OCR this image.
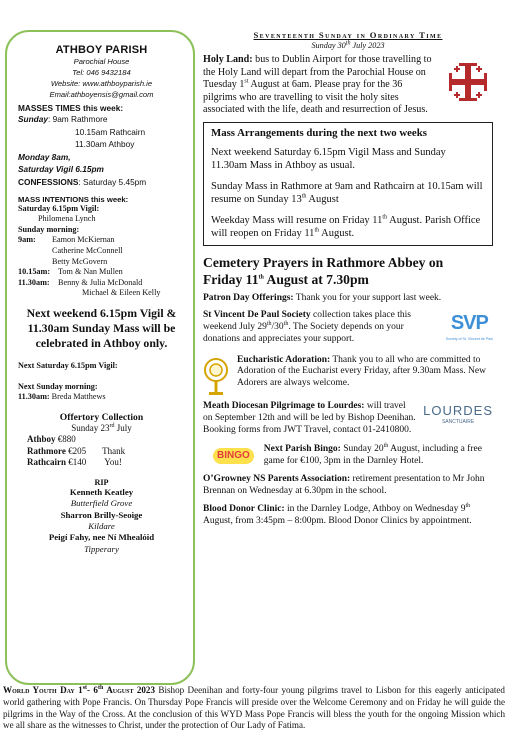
ATHBOY PARISH
Parochial House
Tel: 046 9432184
Website: www.athboyparish.ie
Email:athboyensis@gmail.com
MASSES TIMES this week:
Sunday: 9am Rathmore
10.15am Rathcairn
11.30am Athboy
Monday 8am,
Saturday Vigil 6.15pm
CONFESSIONS: Saturday 5.45pm
MASS INTENTIONS this week:
Saturday 6.15pm Vigil:
Philomena Lynch
Sunday morning:
9am: Eamon McKiernan
Catherine McConnell
Betty McGovern
10.15am: Tom & Nan Mullen
11.30am: Benny & Julia McDonald
Michael & Eileen Kelly
Next weekend 6.15pm Vigil & 11.30am Sunday Mass will be celebrated in Athboy only.
Next Saturday 6.15pm Vigil:
Next Sunday morning:
11.30am: Breda Matthews
Offertory Collection
Sunday 23rd July
Athboy €880
Rathmore €205 Thank
Rathcairn €140 You!
RIP
Kenneth Keatley
Butterfield Grove
Sharron Brilly-Seoige
Kildare
Peigí Fahy, nee Ní Mhealóid
Tipperary
Seventeenth Sunday in Ordinary Time
Sunday 30th July 2023
Holy Land: bus to Dublin Airport for those travelling to the Holy Land will depart from the Parochial House on Tuesday 1st August at 6am. Please pray for the 36 pilgrims who are travelling to visit the holy sites associated with the life, death and resurrection of Jesus.
Mass Arrangements during the next two weeks
Next weekend Saturday 6.15pm Vigil Mass and Sunday 11.30am Mass in Athboy as usual.
Sunday Mass in Rathmore at 9am and Rathcairn at 10.15am will resume on Sunday 13th August
Weekday Mass will resume on Friday 11th August. Parish Office will reopen on Friday 11th August.
Cemetery Prayers in Rathmore Abbey on
Friday 11th August at 7.30pm
Patron Day Offerings: Thank you for your support last week.
SVP
Society of St. Vincent de Paul
St Vincent De Paul Society collection takes place this weekend July 29th/30th. The Society depends on your donations and appreciates your support.
Eucharistic Adoration: Thank you to all who are committed to Adoration of the Eucharist every Friday, after 9.30am Mass. New Adorers are always welcome.
LOURDES
SANCTUAIRE
Meath Diocesan Pilgrimage to Lourdes: will travel on September 12th and will be led by Bishop Deenihan. Booking forms from JWT Travel, contact 01-2410800.
BINGO
Next Parish Bingo: Sunday 20th August, including a free game for €100, 3pm in the Darnley Hotel.
O’Growney NS Parents Association: retirement presentation to Mr John Brennan on Wednesday at 6.30pm in the school.
Blood Donor Clinic: in the Darnley Lodge, Athboy on Wednesday 9th August, from 3:45pm – 8:00pm. Blood Donor Clinics by appointment.
World Youth Day 1st- 6th August 2023 Bishop Deenihan and forty-four young pilgrims travel to Lisbon for this eagerly anticipated world gathering with Pope Francis. On Thursday Pope Francis will preside over the Welcome Ceremony and on Friday he will guide the pilgrims in the Way of the Cross. At the conclusion of this WYD Mass Pope Francis will bless the youth for the ongoing Mission which we all share as the witnesses to Christ, under the protection of Our Lady of Fatima.
